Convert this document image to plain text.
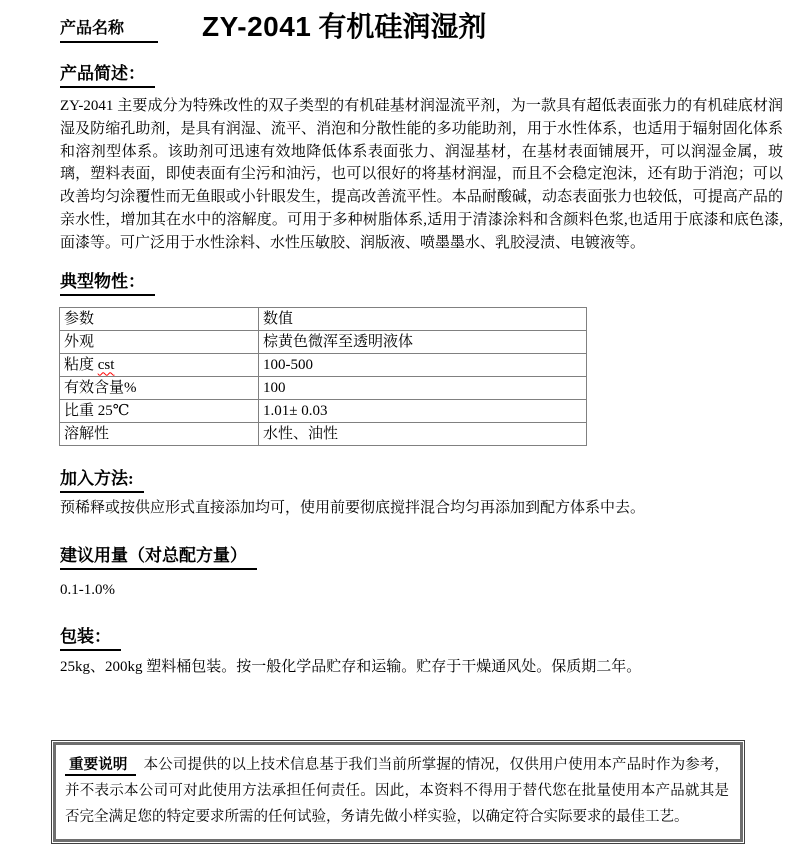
产品名称	ZY-2041 有机硅润湿剂
产品简述：
ZY-2041 主要成分为特殊改性的双子类型的有机硅基材润湿流平剂，为一款具有超低表面张力的有机硅底材润湿及防缩孔助剂，是具有润湿、流平、消泡和分散性能的多功能助剂，用于水性体系，也适用于辐射固化体系和溶剂型体系。该助剂可迅速有效地降低体系表面张力、润湿基材，在基材表面铺展开，可以润湿金属，玻璃，塑料表面，即使表面有尘污和油污，也可以很好的将基材润湿，而且不会稳定泡沫，还有助于消泡；可以改善均匀涂覆性而无鱼眼或小针眼发生，提高改善流平性。本品耐酸碱，动态表面张力也较低，可提高产品的亲水性，增加其在水中的溶解度。可用于多种树脂体系,适用于清漆涂料和含颜料色浆,也适用于底漆和底色漆,面漆等。可广泛用于水性涂料、水性压敏胶、润版液、喷墨墨水、乳胶浸渍、电镀液等。
典型物性：
参数	数值
外观	棕黄色微浑至透明液体
粘度 cst	100-500
有效含量%	100
比重 25℃	1.01± 0.03
溶解性	水性、油性
加入方法:
预稀释或按供应形式直接添加均可，使用前要彻底搅拌混合均匀再添加到配方体系中去。
建议用量（对总配方量）
0.1-1.0%
包装：
25kg、200kg 塑料桶包装。按一般化学品贮存和运输。贮存于干燥通风处。保质期二年。
重要说明 本公司提供的以上技术信息基于我们当前所掌握的情况，仅供用户使用本产品时作为参考，并不表示本公司可对此使用方法承担任何责任。因此，本资料不得用于替代您在批量使用本产品就其是否完全满足您的特定要求所需的任何试验，务请先做小样实验，以确定符合实际要求的最佳工艺。
